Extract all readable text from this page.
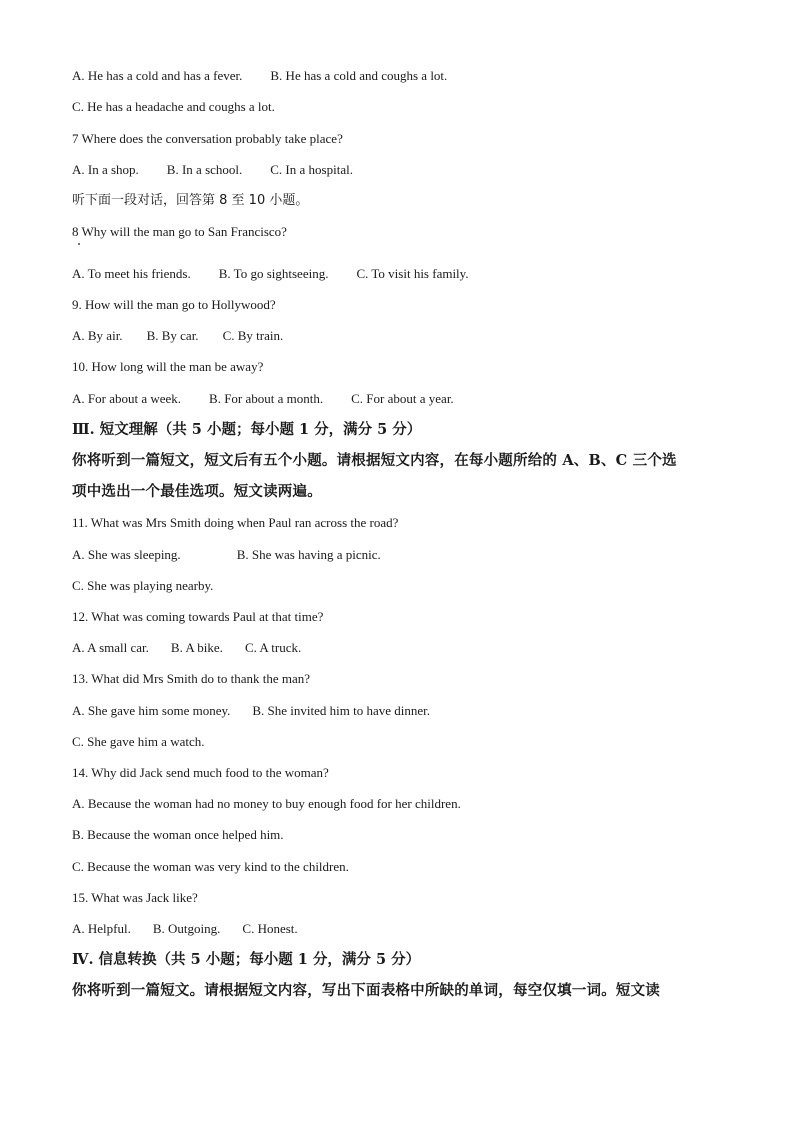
A. He has a cold and has a fever. B. He has a cold and coughs a lot.
C. He has a headache and coughs a lot.
7 Where does the conversation probably take place?
A. In a shop. B. In a school. C. In a hospital.
听下面一段对话，回答第 8 至 10 小题。
8 Why will the man go to San Francisco?
A. To meet his friends. B. To go sightseeing. C. To visit his family.
9. How will the man go to Hollywood?
A. By air. B. By car. C. By train.
10. How long will the man be away?
A. For about a week. B. For about a month. C. For about a year.
Ⅲ. 短文理解（共 5 小题；每小题 1 分，满分 5 分）
你将听到一篇短文，短文后有五个小题。请根据短文内容，在每小题所给的 A、B、C 三个选
项中选出一个最佳选项。短文读两遍。
11. What was Mrs Smith doing when Paul ran across the road?
A. She was sleeping.	B. She was having a picnic.
C. She was playing nearby.
12. What was coming towards Paul at that time?
A. A small car. B. A bike. C. A truck.
13. What did Mrs Smith do to thank the man?
A. She gave him some money. B. She invited him to have dinner.
C. She gave him a watch.
14. Why did Jack send much food to the woman?
A. Because the woman had no money to buy enough food for her children.
B. Because the woman once helped him.
C. Because the woman was very kind to the children.
15. What was Jack like?
A. Helpful. B. Outgoing. C. Honest.
Ⅳ. 信息转换（共 5 小题；每小题 1 分，满分 5 分）
你将听到一篇短文。请根据短文内容，写出下面表格中所缺的单词，每空仅填一词。短文读
